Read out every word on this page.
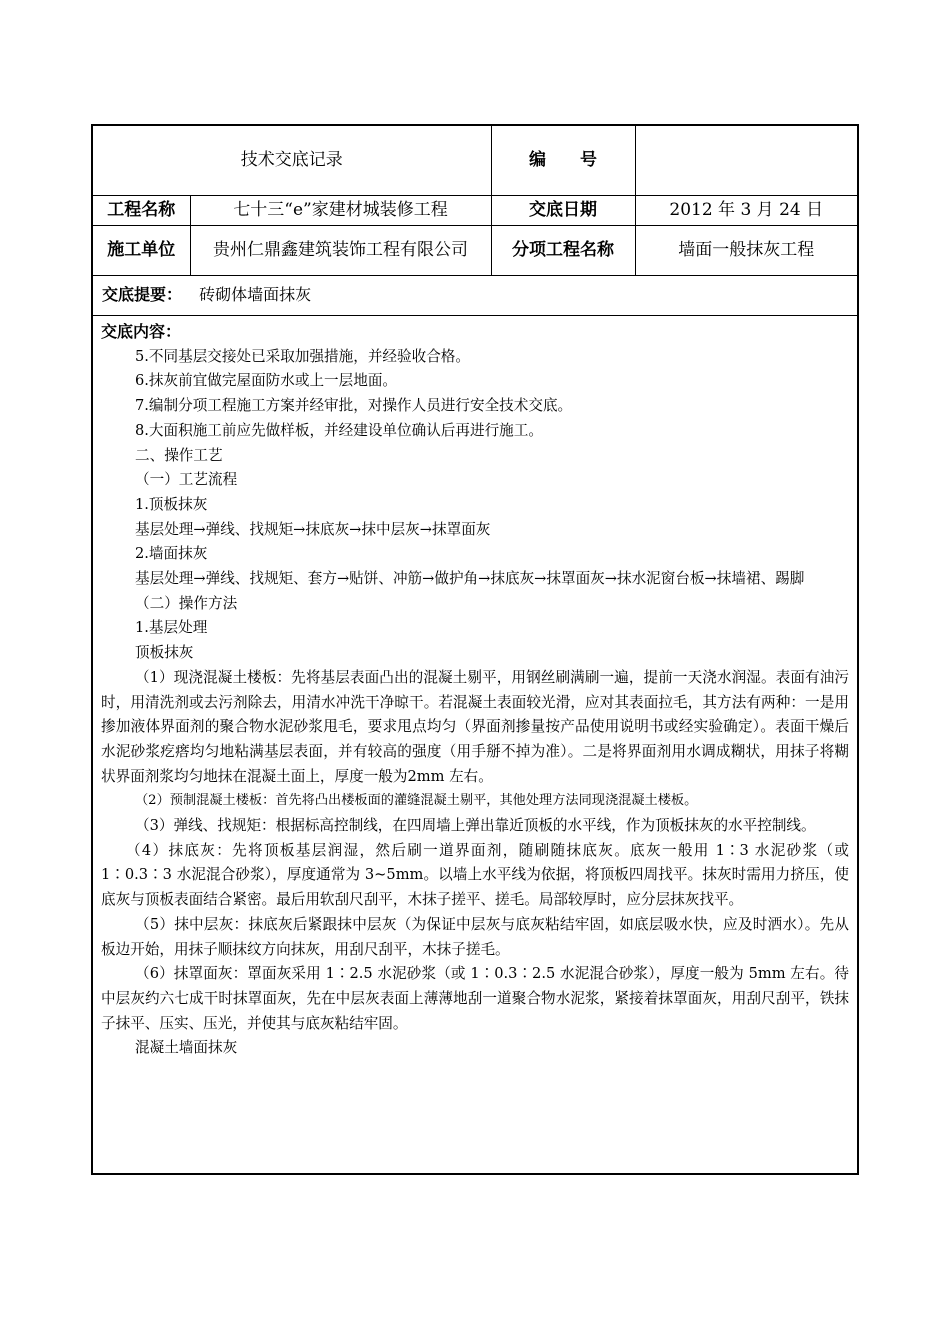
技术交底记录		编　　号	
工程名称	七十三“e”家建材城装修工程	交底日期	2012 年 3 月 24 日
施工单位	贵州仁鼎鑫建筑装饰工程有限公司	分项工程名称	墙面一般抹灰工程
交底提要： 砖砌体墙面抹灰

交底内容：

5.不同基层交接处已采取加强措施，并经验收合格。

6.抹灰前宜做完屋面防水或上一层地面。

7.编制分项工程施工方案并经审批，对操作人员进行安全技术交底。

8.大面积施工前应先做样板，并经建设单位确认后再进行施工。

二、操作工艺

（一）工艺流程

1.顶板抹灰

基层处理→弹线、找规矩→抹底灰→抹中层灰→抹罩面灰

2.墙面抹灰

基层处理→弹线、找规矩、套方→贴饼、冲筋→做护角→抹底灰→抹罩面灰→抹水泥窗台板→抹墙裙、踢脚

（二）操作方法

1.基层处理

顶板抹灰

（1）现浇混凝土楼板：先将基层表面凸出的混凝土剔平，用钢丝刷满刷一遍，提前一天浇水润湿。表面有油污时，用清洗剂或去污剂除去，用清水冲洗干净晾干。若混凝土表面较光滑，应对其表面拉毛，其方法有两种：一是用掺加液体界面剂的聚合物水泥砂浆甩毛，要求甩点均匀（界面剂掺量按产品使用说明书或经实验确定）。表面干燥后水泥砂浆疙瘩均匀地粘满基层表面，并有较高的强度（用手掰不掉为准）。二是将界面剂用水调成糊状，用抹子将糊状界面剂浆均匀地抹在混凝土面上，厚度一般为2mm 左右。

（2）预制混凝土楼板：首先将凸出楼板面的灌缝混凝土剔平，其他处理方法同现浇混凝土楼板。

（3）弹线、找规矩：根据标高控制线，在四周墙上弹出靠近顶板的水平线，作为顶板抹灰的水平控制线。

（4）抹底灰：先将顶板基层润湿，然后刷一道界面剂，随刷随抹底灰。底灰一般用 1∶3 水泥砂浆（或 1∶0.3∶3 水泥混合砂浆），厚度通常为 3~5mm。以墙上水平线为依据，将顶板四周找平。抹灰时需用力挤压，使底灰与顶板表面结合紧密。最后用软刮尺刮平，木抹子搓平、搓毛。局部较厚时，应分层抹灰找平。

（5）抹中层灰：抹底灰后紧跟抹中层灰（为保证中层灰与底灰粘结牢固，如底层吸水快，应及时洒水）。先从板边开始，用抹子顺抹纹方向抹灰，用刮尺刮平，木抹子搓毛。

（6）抹罩面灰：罩面灰采用 1∶2.5 水泥砂浆（或 1∶0.3∶2.5 水泥混合砂浆），厚度一般为 5mm 左右。待中层灰约六七成干时抹罩面灰，先在中层灰表面上薄薄地刮一道聚合物水泥浆，紧接着抹罩面灰，用刮尺刮平，铁抹子抹平、压实、压光，并使其与底灰粘结牢固。

混凝土墙面抹灰
